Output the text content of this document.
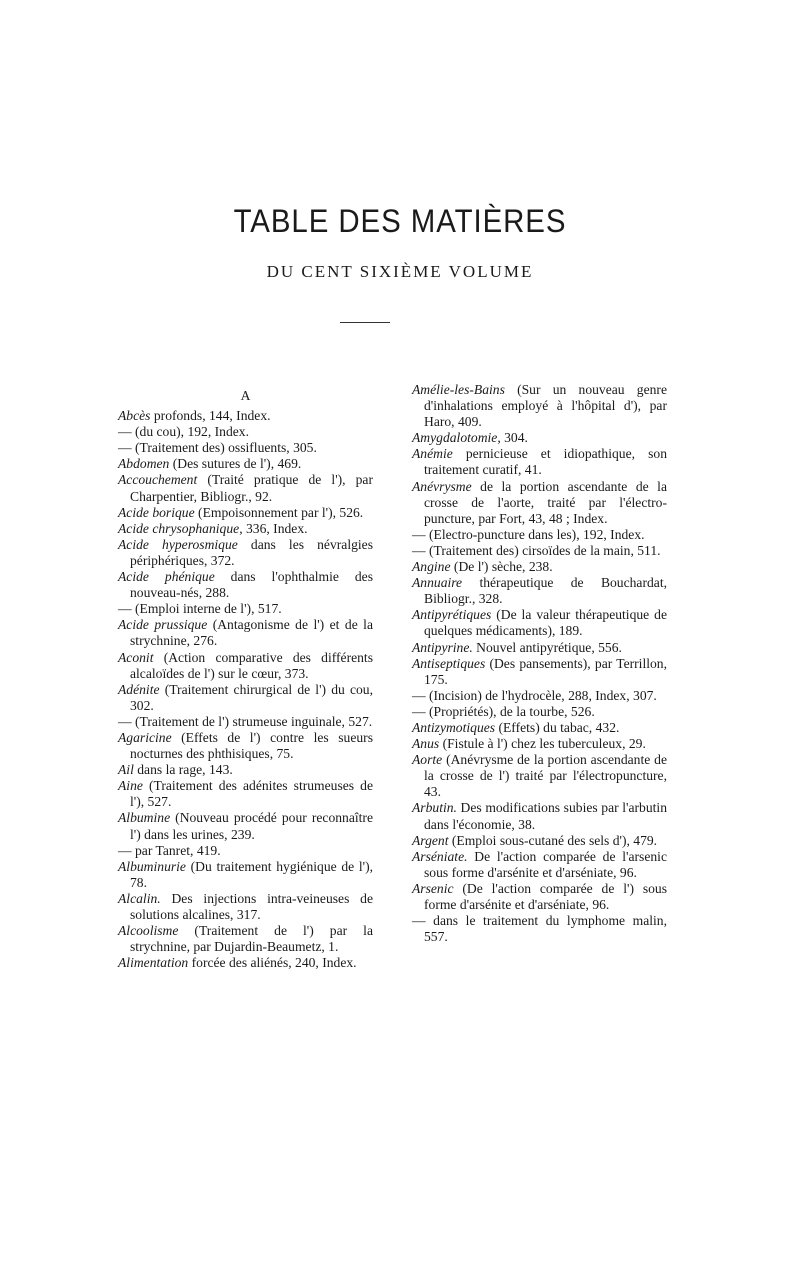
TABLE DES MATIÈRES
DU CENT SIXIÈME VOLUME
A
Abcès profonds, 144, Index.
— (du cou), 192, Index.
— (Traitement des) ossifluents, 305.
Abdomen (Des sutures de l'), 469.
Accouchement (Traité pratique de l'), par Charpentier, Bibliogr., 92.
Acide borique (Empoisonnement par l'), 526.
Acide chrysophanique, 336, Index.
Acide hyperosmique dans les névralgies périphériques, 372.
Acide phénique dans l'ophthalmie des nouveau-nés, 288.
— (Emploi interne de l'), 517.
Acide prussique (Antagonisme de l') et de la strychnine, 276.
Aconit (Action comparative des différents alcaloïdes de l') sur le cœur, 373.
Adénite (Traitement chirurgical de l') du cou, 302.
— (Traitement de l') strumeuse inguinale, 527.
Agaricine (Effets de l') contre les sueurs nocturnes des phthisiques, 75.
Ail dans la rage, 143.
Aine (Traitement des adénites strumeuses de l'), 527.
Albumine (Nouveau procédé pour reconnaître l') dans les urines, 239.
— par Tanret, 419.
Albuminurie (Du traitement hygiénique de l'), 78.
Alcalin. Des injections intra-veineuses de solutions alcalines, 317.
Alcoolisme (Traitement de l') par la strychnine, par Dujardin-Beaumetz, 1.
Alimentation forcée des aliénés, 240, Index.
Amélie-les-Bains (Sur un nouveau genre d'inhalations employé à l'hôpital d'), par Haro, 409.
Amygdalotomie, 304.
Anémie pernicieuse et idiopathique, son traitement curatif, 41.
Anévrysme de la portion ascendante de la crosse de l'aorte, traité par l'électro-puncture, par Fort, 43, 48 ; Index.
— (Electro-puncture dans les), 192, Index.
— (Traitement des) cirsoïdes de la main, 511.
Angine (De l') sèche, 238.
Annuaire thérapeutique de Bouchardat, Bibliogr., 328.
Antipyrétiques (De la valeur thérapeutique de quelques médicaments), 189.
Antipyrine. Nouvel antipyrétique, 556.
Antiseptiques (Des pansements), par Terrillon, 175.
— (Incision) de l'hydrocèle, 288, Index, 307.
— (Propriétés), de la tourbe, 526.
Antizymotiques (Effets) du tabac, 432.
Anus (Fistule à l') chez les tuberculeux, 29.
Aorte (Anévrysme de la portion ascendante de la crosse de l') traité par l'électropuncture, 43.
Arbutin. Des modifications subies par l'arbutin dans l'économie, 38.
Argent (Emploi sous-cutané des sels d'), 479.
Arséniate. De l'action comparée de l'arsenic sous forme d'arsénite et d'arséniate, 96.
Arsenic (De l'action comparée de l') sous forme d'arsénite et d'arséniate, 96.
— dans le traitement du lymphome malin, 557.
